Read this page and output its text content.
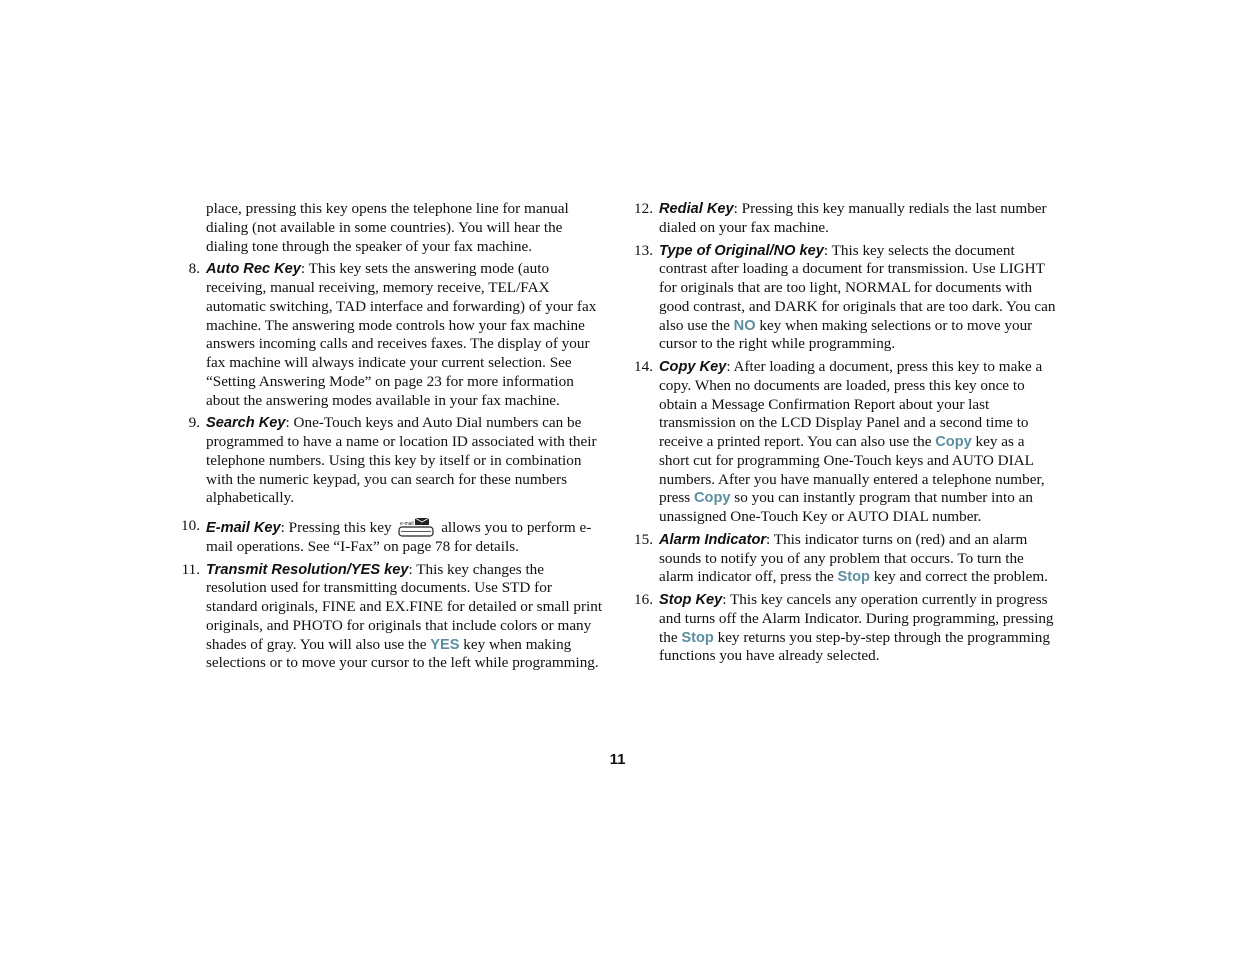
place, pressing this key opens the telephone line for manual dialing (not available in some countries). You will hear the dialing tone through the speaker of your fax machine.
8. Auto Rec Key: This key sets the answering mode (auto receiving, manual receiving, memory receive, TEL/FAX automatic switching, TAD interface and forwarding) of your fax machine. The answering mode controls how your fax machine answers incoming calls and receives faxes. The display of your fax machine will always indicate your current selection. See “Setting Answering Mode” on page 23 for more information about the answering modes available in your fax machine.
9. Search Key: One-Touch keys and Auto Dial numbers can be programmed to have a name or location ID associated with their telephone numbers. Using this key by itself or in combination with the numeric keypad, you can search for these numbers alphabetically.
10. E-mail Key: Pressing this key e-mail allows you to perform e-mail operations. See “I-Fax” on page 78 for details.
11. Transmit Resolution/YES key: This key changes the resolution used for transmitting documents. Use STD for standard originals, FINE and EX.FINE for detailed or small print originals, and PHOTO for originals that include colors or many shades of gray. You will also use the YES key when making selections or to move your cursor to the left while programming.
12. Redial Key: Pressing this key manually redials the last number dialed on your fax machine.
13. Type of Original/NO key: This key selects the document contrast after loading a document for transmission. Use LIGHT for originals that are too light, NORMAL for documents with good contrast, and DARK for originals that are too dark. You can also use the NO key when making selections or to move your cursor to the right while programming.
14. Copy Key: After loading a document, press this key to make a copy. When no documents are loaded, press this key once to obtain a Message Confirmation Report about your last transmission on the LCD Display Panel and a second time to receive a printed report. You can also use the Copy key as a short cut for programming One-Touch keys and AUTO DIAL numbers. After you have manually entered a telephone number, press Copy so you can instantly program that number into an unassigned One-Touch Key or AUTO DIAL number.
15. Alarm Indicator: This indicator turns on (red) and an alarm sounds to notify you of any problem that occurs. To turn the alarm indicator off, press the Stop key and correct the problem.
16. Stop Key: This key cancels any operation currently in progress and turns off the Alarm Indicator. During programming, pressing the Stop key returns you step-by-step through the programming functions you have already selected.
11
